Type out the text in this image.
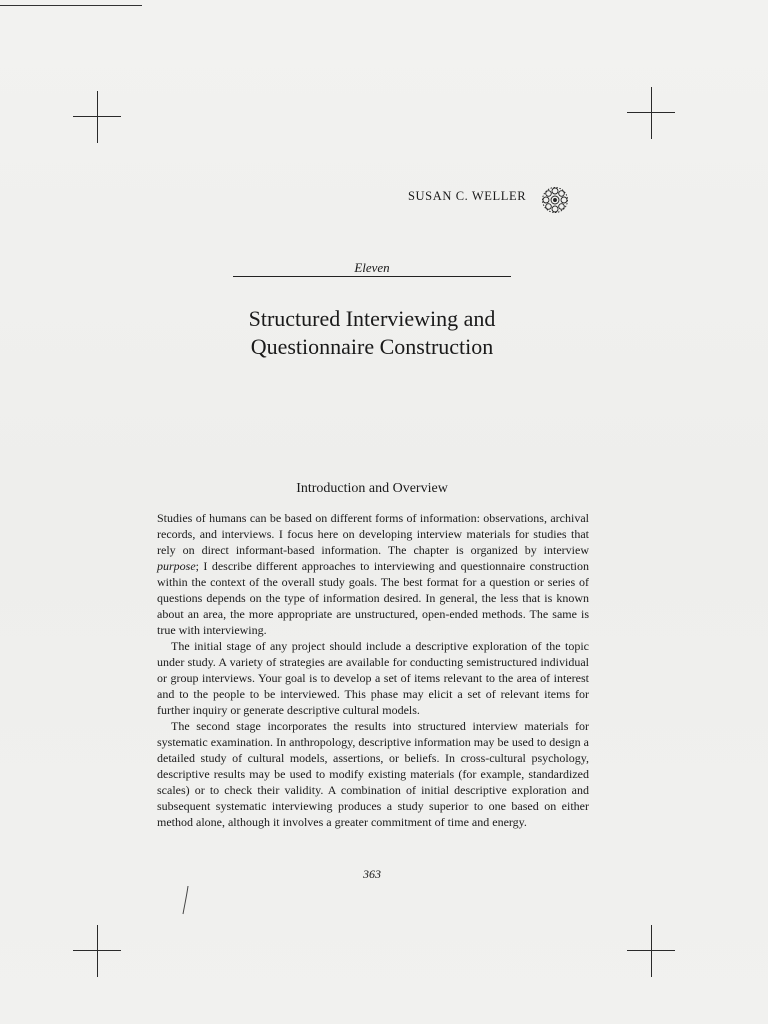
SUSAN C. WELLER
Eleven
Structured Interviewing and
Questionnaire Construction
Introduction and Overview

Studies of humans can be based on different forms of information: observations, archival records, and interviews. I focus here on developing interview materials for studies that rely on direct informant-based information. The chapter is organized by interview purpose; I describe different approaches to interviewing and questionnaire construction within the context of the overall study goals. The best format for a question or series of questions depends on the type of information desired. In general, the less that is known about an area, the more appropriate are unstructured, open-ended methods. The same is true with interviewing.

The initial stage of any project should include a descriptive exploration of the topic under study. A variety of strategies are available for conducting semistructured individual or group interviews. Your goal is to develop a set of items relevant to the area of interest and to the people to be interviewed. This phase may elicit a set of relevant items for further inquiry or generate descriptive cultural models.

The second stage incorporates the results into structured interview materials for systematic examination. In anthropology, descriptive information may be used to design a detailed study of cultural models, assertions, or beliefs. In cross-cultural psychology, descriptive results may be used to modify existing materials (for example, standardized scales) or to check their validity. A combination of initial descriptive exploration and subsequent systematic interviewing produces a study superior to one based on either method alone, although it involves a greater commitment of time and energy.

363
